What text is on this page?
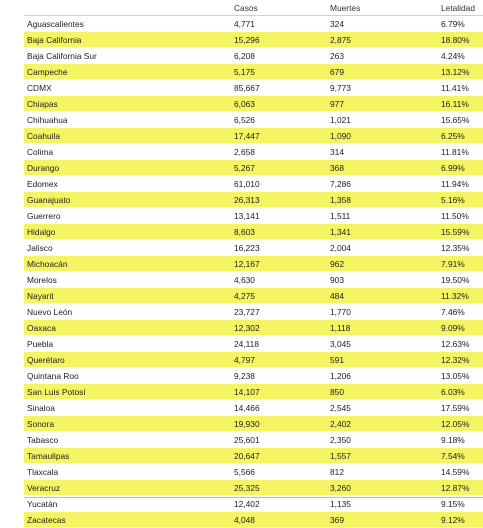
	Casos	Muertes	Letalidad
Aguascalientes	4,771	324	6.79%
Baja California	15,296	2,875	18.80%
Baja California Sur	6,208	263	4.24%
Campeche	5,175	679	13.12%
CDMX	85,667	9,773	11.41%
Chiapas	6,063	977	16.11%
Chihuahua	6,526	1,021	15.65%
Coahuila	17,447	1,090	6.25%
Colima	2,658	314	11.81%
Durango	5,267	368	6.99%
Edomex	61,010	7,286	11.94%
Guanajuato	26,313	1,358	5.16%
Guerrero	13,141	1,511	11.50%
Hidalgo	8,603	1,341	15.59%
Jalisco	16,223	2,004	12.35%
Michoacán	12,167	962	7.91%
Morelos	4,630	903	19.50%
Nayarit	4,275	484	11.32%
Nuevo León	23,727	1,770	7.46%
Oaxaca	12,302	1,118	9.09%
Puebla	24,118	3,045	12.63%
Querétaro	4,797	591	12.32%
Quintana Roo	9,238	1,206	13.05%
San Luis Potosí	14,107	850	6.03%
Sinaloa	14,466	2,545	17.59%
Sonora	19,930	2,402	12.05%
Tabasco	25,601	2,350	9.18%
Tamaulipas	20,647	1,557	7.54%
Tlaxcala	5,566	812	14.59%
Veracruz	25,325	3,260	12.87%
Yucatán	12,402	1,135	9.15%
Zacatecas	4,048	369	9.12%
